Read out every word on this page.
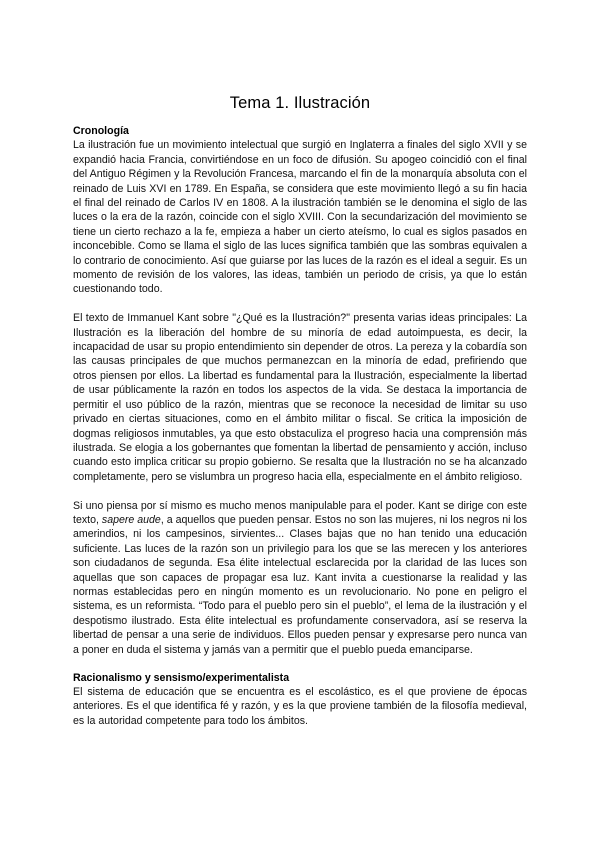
Tema 1. Ilustración
Cronología

La ilustración fue un movimiento intelectual que surgió en Inglaterra a finales del siglo XVII y se expandió hacia Francia, convirtiéndose en un foco de difusión. Su apogeo coincidió con el final del Antiguo Régimen y la Revolución Francesa, marcando el fin de la monarquía absoluta con el reinado de Luis XVI en 1789. En España, se considera que este movimiento llegó a su fin hacia el final del reinado de Carlos IV en 1808. A la ilustración también se le denomina el siglo de las luces o la era de la razón, coincide con el siglo XVIII. Con la secundarización del movimiento se tiene un cierto rechazo a la fe, empieza a haber un cierto ateísmo, lo cual es siglos pasados en inconcebible. Como se llama el siglo de las luces significa también que las sombras equivalen a lo contrario de conocimiento. Así que guiarse por las luces de la razón es el ideal a seguir. Es un momento de revisión de los valores, las ideas, también un periodo de crisis, ya que lo están cuestionando todo.

El texto de Immanuel Kant sobre "¿Qué es la Ilustración?" presenta varias ideas principales: La Ilustración es la liberación del hombre de su minoría de edad autoimpuesta, es decir, la incapacidad de usar su propio entendimiento sin depender de otros. La pereza y la cobardía son las causas principales de que muchos permanezcan en la minoría de edad, prefiriendo que otros piensen por ellos. La libertad es fundamental para la Ilustración, especialmente la libertad de usar públicamente la razón en todos los aspectos de la vida. Se destaca la importancia de permitir el uso público de la razón, mientras que se reconoce la necesidad de limitar su uso privado en ciertas situaciones, como en el ámbito militar o fiscal. Se critica la imposición de dogmas religiosos inmutables, ya que esto obstaculiza el progreso hacia una comprensión más ilustrada. Se elogia a los gobernantes que fomentan la libertad de pensamiento y acción, incluso cuando esto implica criticar su propio gobierno. Se resalta que la Ilustración no se ha alcanzado completamente, pero se vislumbra un progreso hacia ella, especialmente en el ámbito religioso.

Si uno piensa por sí mismo es mucho menos manipulable para el poder. Kant se dirige con este texto, sapere aude, a aquellos que pueden pensar. Estos no son las mujeres, ni los negros ni los amerindios, ni los campesinos, sirvientes... Clases bajas que no han tenido una educación suficiente. Las luces de la razón son un privilegio para los que se las merecen y los anteriores son ciudadanos de segunda. Esa élite intelectual esclarecida por la claridad de las luces son aquellas que son capaces de propagar esa luz. Kant invita a cuestionarse la realidad y las normas establecidas pero en ningún momento es un revolucionario. No pone en peligro el sistema, es un reformista. “Todo para el pueblo pero sin el pueblo”, el lema de la ilustración y el despotismo ilustrado. Esta élite intelectual es profundamente conservadora, así se reserva la libertad de pensar a una serie de individuos. Ellos pueden pensar y expresarse pero nunca van a poner en duda el sistema y jamás van a permitir que el pueblo pueda emanciparse.

Racionalismo y sensismo/experimentalista

El sistema de educación que se encuentra es el escolástico, es el que proviene de épocas anteriores. Es el que identifica fé y razón, y es la que proviene también de la filosofía medieval, es la autoridad competente para todo los ámbitos.
